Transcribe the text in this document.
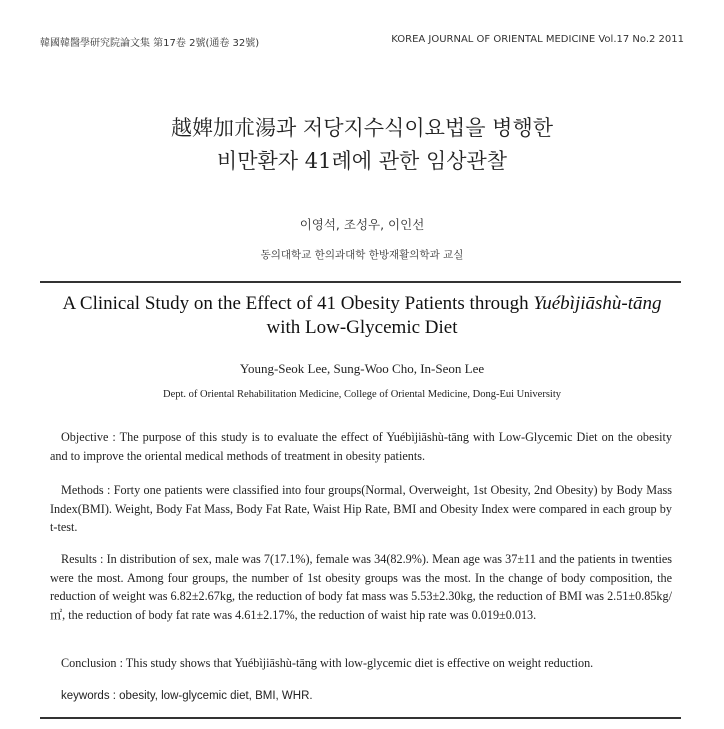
韓國韓醫學研究院論文集 第17卷 2號(通卷 32號)	KOREA JOURNAL OF ORIENTAL MEDICINE Vol.17 No.2 2011
越婢加朮湯과 저당지수식이요법을 병행한
비만환자 41례에 관한 임상관찰
이영석, 조성우, 이인선
동의대학교 한의과대학 한방재활의학과 교실
A Clinical Study on the Effect of 41 Obesity Patients through Yuébìjiāshù-tāng with Low-Glycemic Diet
Young-Seok Lee, Sung-Woo Cho, In-Seon Lee
Dept. of Oriental Rehabilitation Medicine, College of Oriental Medicine, Dong-Eui University

Objective : The purpose of this study is to evaluate the effect of Yuébìjiāshù-tāng with Low-Glycemic Diet on the obesity and to improve the oriental medical methods of treatment in obesity patients.

Methods : Forty one patients were classified into four groups(Normal, Overweight, 1st Obesity, 2nd Obesity) by Body Mass Index(BMI). Weight, Body Fat Mass, Body Fat Rate, Waist Hip Rate, BMI and Obesity Index were compared in each group by t-test.

Results : In distribution of sex, male was 7(17.1%), female was 34(82.9%). Mean age was 37±11 and the patients in twenties were the most. Among four groups, the number of 1st obesity groups was the most. In the change of body composition, the reduction of weight was 6.82±2.67kg, the reduction of body fat mass was 5.53±2.30kg, the reduction of BMI was 2.51±0.85kg/㎡, the reduction of body fat rate was 4.61±2.17%, the reduction of waist hip rate was 0.019±0.013.

Conclusion : This study shows that Yuébìjiāshù-tāng with low-glycemic diet is effective on weight reduction.

keywords : obesity, low-glycemic diet, BMI, WHR.
